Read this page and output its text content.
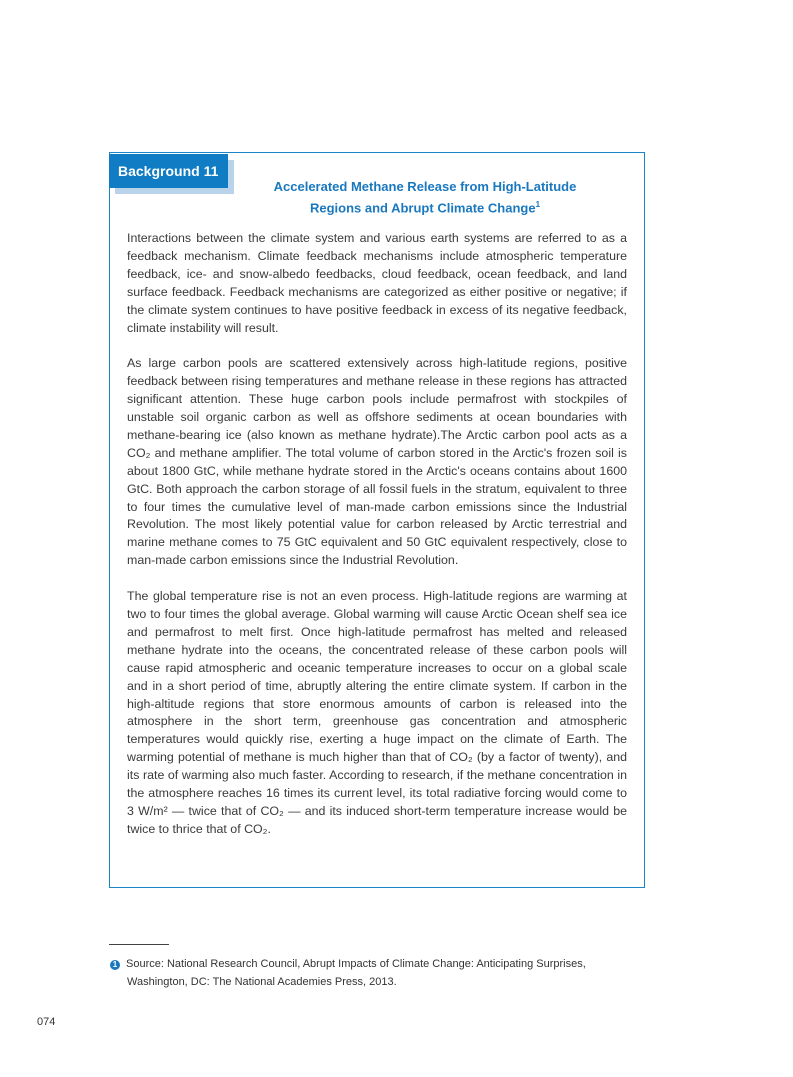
Background 11
Accelerated Methane Release from High-Latitude
Regions and Abrupt Climate Change$^1$

Interactions between the climate system and various earth systems are referred to as a feedback mechanism. Climate feedback mechanisms include atmospheric temperature feedback, ice- and snow-albedo feedbacks, cloud feedback, ocean feedback, and land surface feedback. Feedback mechanisms are categorized as either positive or negative; if the climate system continues to have positive feedback in excess of its negative feedback, climate instability will result.

As large carbon pools are scattered extensively across high-latitude regions, positive feedback between rising temperatures and methane release in these regions has attracted significant attention. These huge carbon pools include permafrost with stockpiles of unstable soil organic carbon as well as offshore sediments at ocean boundaries with methane-bearing ice (also known as methane hydrate).The Arctic carbon pool acts as a CO₂ and methane amplifier. The total volume of carbon stored in the Arctic's frozen soil is about 1800 GtC, while methane hydrate stored in the Arctic's oceans contains about 1600 GtC. Both approach the carbon storage of all fossil fuels in the stratum, equivalent to three to four times the cumulative level of man-made carbon emissions since the Industrial Revolution. The most likely potential value for carbon released by Arctic terrestrial and marine methane comes to 75 GtC equivalent and 50 GtC equivalent respectively, close to man-made carbon emissions since the Industrial Revolution.

The global temperature rise is not an even process. High-latitude regions are warming at two to four times the global average. Global warming will cause Arctic Ocean shelf sea ice and permafrost to melt first. Once high-latitude permafrost has melted and released methane hydrate into the oceans, the concentrated release of these carbon pools will cause rapid atmospheric and oceanic temperature increases to occur on a global scale and in a short period of time, abruptly altering the entire climate system. If carbon in the high-altitude regions that store enormous amounts of carbon is released into the atmosphere in the short term, greenhouse gas concentration and atmospheric temperatures would quickly rise, exerting a huge impact on the climate of Earth. The warming potential of methane is much higher than that of CO₂ (by a factor of twenty), and its rate of warming also much faster. According to research, if the methane concentration in the atmosphere reaches 16 times its current level, its total radiative forcing would come to 3 W/m² — twice that of CO₂ — and its induced short-term temperature increase would be twice to thrice that of CO₂.

1 Source: National Research Council, Abrupt Impacts of Climate Change: Anticipating Surprises,
Washington, DC: The National Academies Press, 2013.
074
